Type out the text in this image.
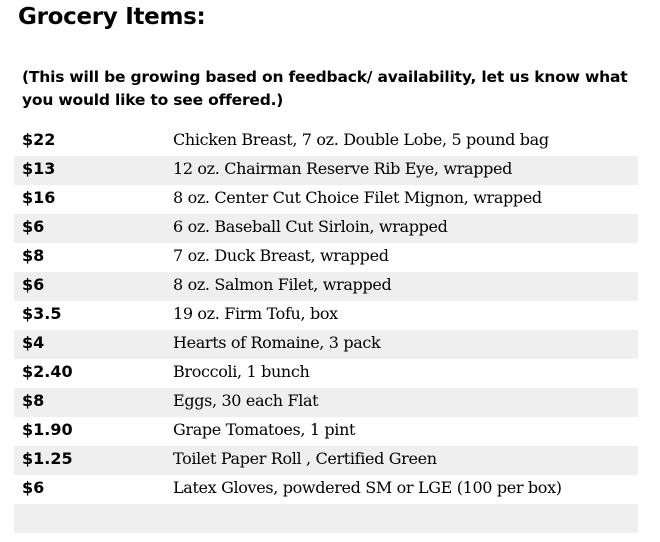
Grocery Items:
(This will be growing based on feedback/ availability, let us know what you would like to see offered.)
$22	Chicken Breast, 7 oz. Double Lobe, 5 pound bag
$13	12 oz. Chairman Reserve Rib Eye, wrapped
$16	8 oz. Center Cut Choice Filet Mignon, wrapped
$6	6 oz. Baseball Cut Sirloin, wrapped
$8	7 oz. Duck Breast, wrapped
$6	8 oz. Salmon Filet, wrapped
$3.5	19 oz. Firm Tofu, box
$4	Hearts of Romaine, 3 pack
$2.40	Broccoli, 1 bunch
$8	Eggs, 30 each Flat
$1.90	Grape Tomatoes, 1 pint
$1.25	Toilet Paper Roll , Certified Green
$6	Latex Gloves, powdered SM or LGE (100 per box)
